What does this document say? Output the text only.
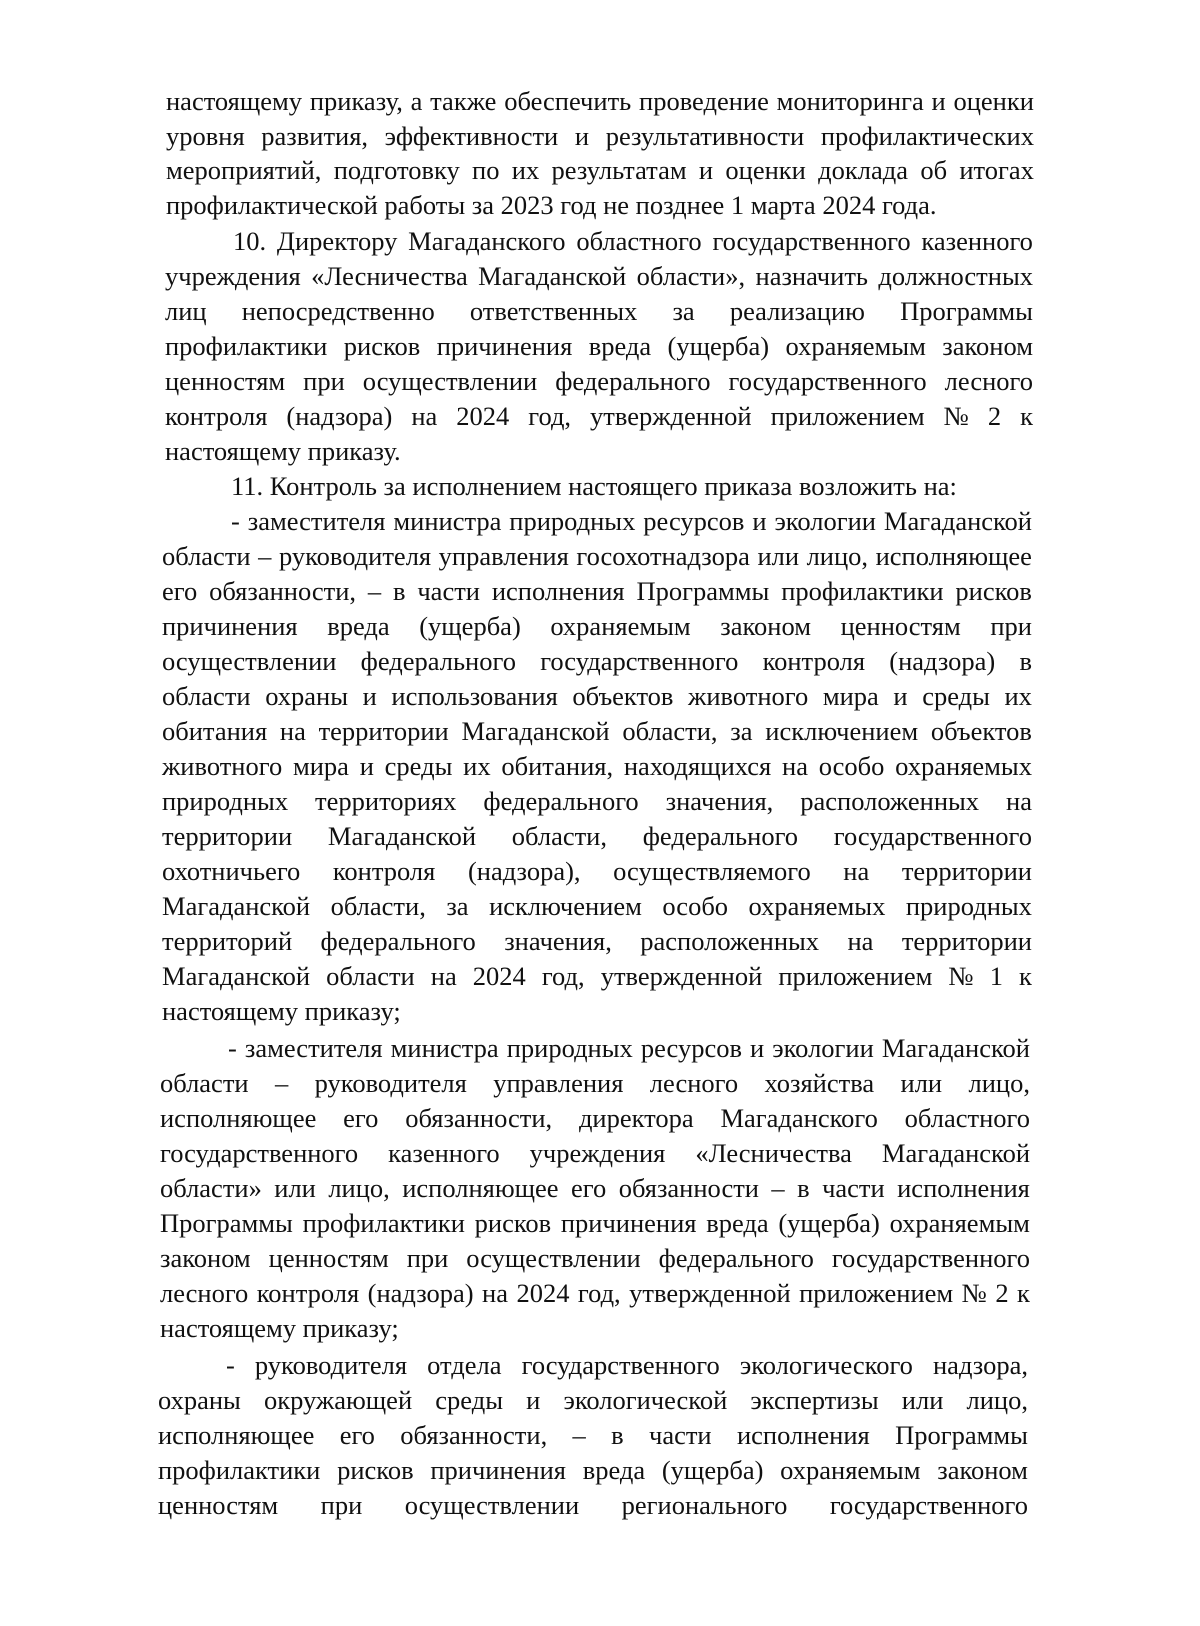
настоящему приказу, а также обеспечить проведение мониторинга и оценки
уровня развития, эффективности и результативности профилактических
мероприятий, подготовку по их результатам и оценки доклада об итогах
профилактической работы за 2023 год не позднее 1 марта 2024 года.
10. Директору Магаданского областного государственного казенного
учреждения «Лесничества Магаданской области», назначить должностных
лиц непосредственно ответственных за реализацию Программы
профилактики рисков причинения вреда (ущерба) охраняемым законом
ценностям при осуществлении федерального государственного лесного
контроля (надзора) на 2024 год, утвержденной приложением № 2 к
настоящему приказу.
11. Контроль за исполнением настоящего приказа возложить на:
- заместителя министра природных ресурсов и экологии Магаданской
области – руководителя управления госохотнадзора или лицо, исполняющее
его обязанности, – в части исполнения Программы профилактики рисков
причинения вреда (ущерба) охраняемым законом ценностям при
осуществлении федерального государственного контроля (надзора) в
области охраны и использования объектов животного мира и среды их
обитания на территории Магаданской области, за исключением объектов
животного мира и среды их обитания, находящихся на особо охраняемых
природных территориях федерального значения, расположенных на
территории Магаданской области, федерального государственного
охотничьего контроля (надзора), осуществляемого на территории
Магаданской области, за исключением особо охраняемых природных
территорий федерального значения, расположенных на территории
Магаданской области на 2024 год, утвержденной приложением № 1 к
настоящему приказу;
- заместителя министра природных ресурсов и экологии Магаданской
области – руководителя управления лесного хозяйства или лицо,
исполняющее его обязанности, директора Магаданского областного
государственного казенного учреждения «Лесничества Магаданской
области» или лицо, исполняющее его обязанности – в части исполнения
Программы профилактики рисков причинения вреда (ущерба) охраняемым
законом ценностям при осуществлении федерального государственного
лесного контроля (надзора) на 2024 год, утвержденной приложением № 2 к
настоящему приказу;
- руководителя отдела государственного экологического надзора,
охраны окружающей среды и экологической экспертизы или лицо,
исполняющее его обязанности, – в части исполнения Программы
профилактики рисков причинения вреда (ущерба) охраняемым законом
ценностям при осуществлении регионального государственного
